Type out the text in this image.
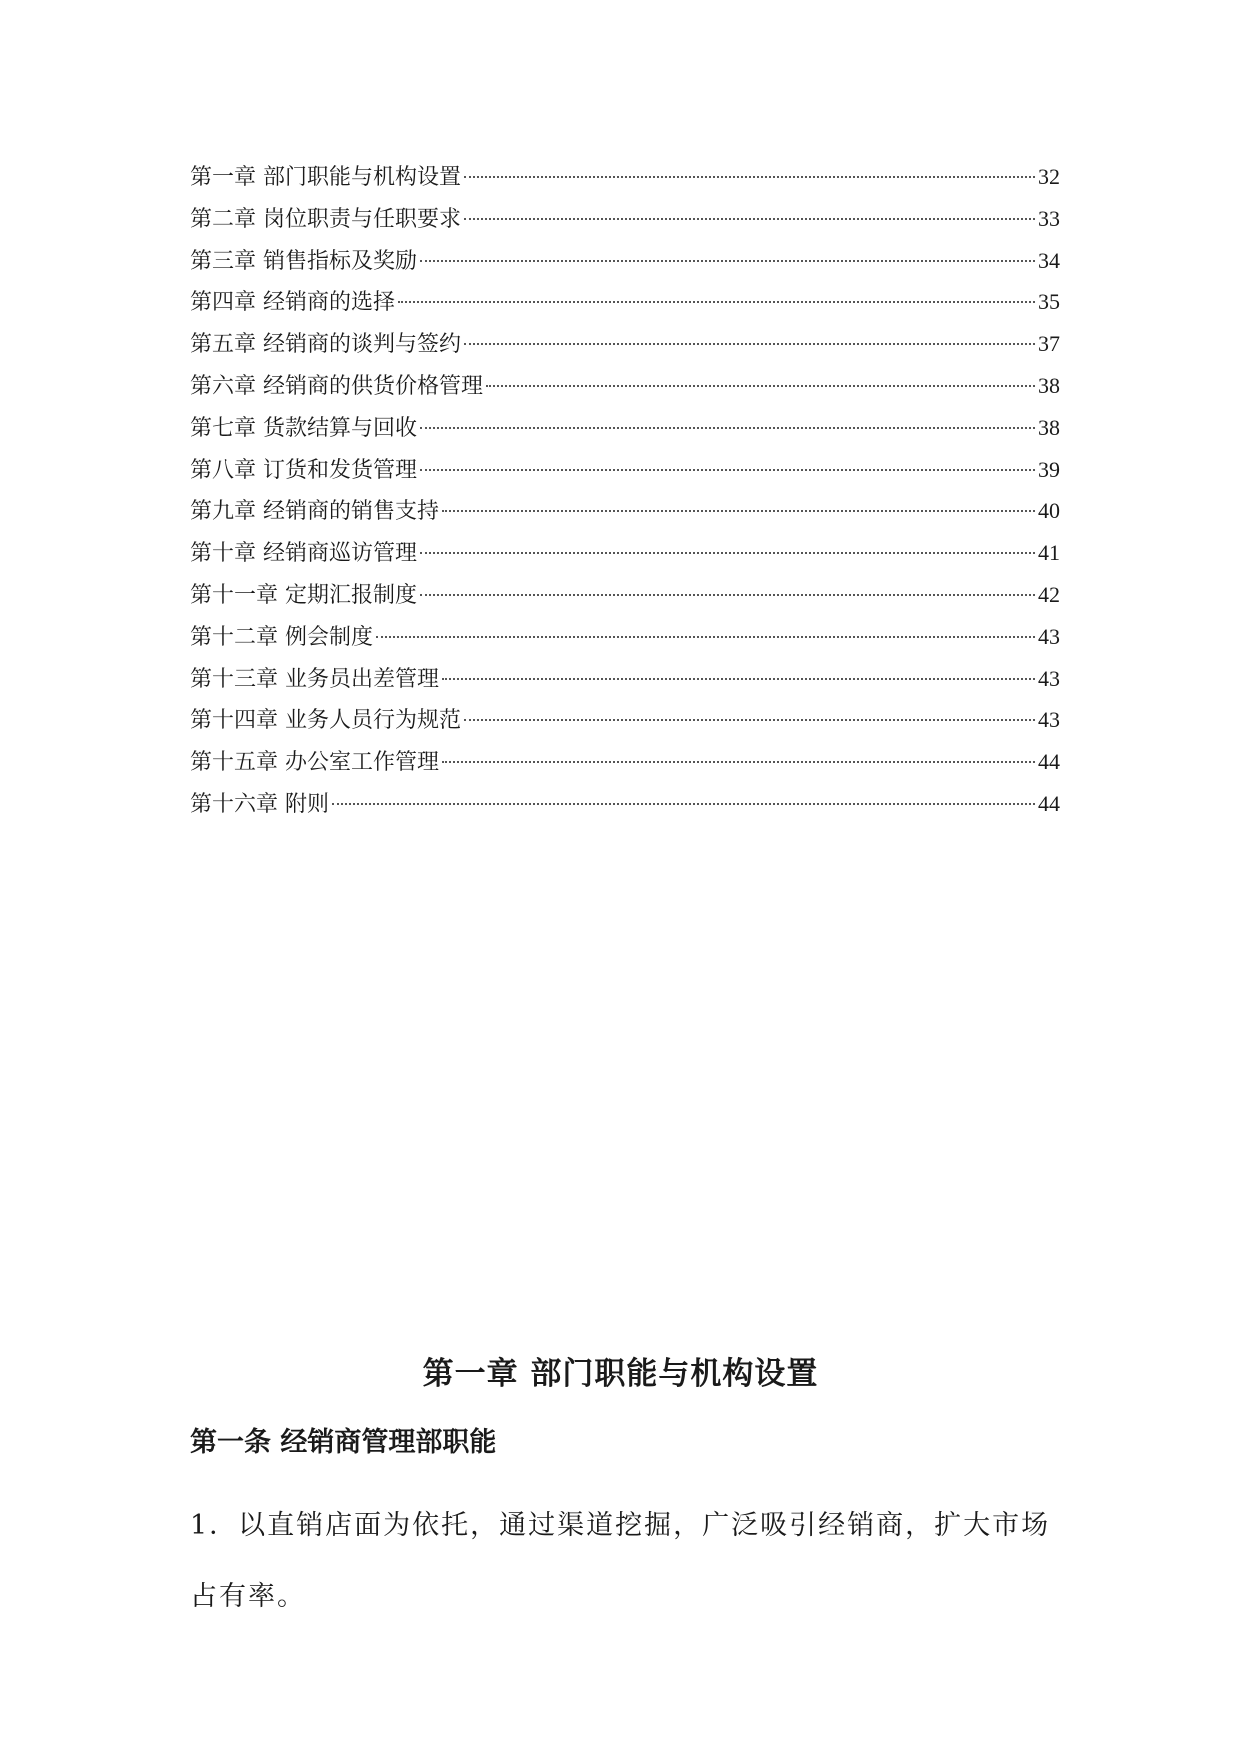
第一章 部门职能与机构设置	32
第二章 岗位职责与任职要求	33
第三章 销售指标及奖励	34
第四章 经销商的选择	35
第五章 经销商的谈判与签约	37
第六章 经销商的供货价格管理	38
第七章 货款结算与回收	38
第八章 订货和发货管理	39
第九章 经销商的销售支持	40
第十章 经销商巡访管理	41
第十一章 定期汇报制度	42
第十二章 例会制度	43
第十三章 业务员出差管理	43
第十四章 业务人员行为规范	43
第十五章 办公室工作管理	44
第十六章 附则	44
第一章 部门职能与机构设置
第一条 经销商管理部职能

1．以直销店面为依托，通过渠道挖掘，广泛吸引经销商，扩大市场占有率。
